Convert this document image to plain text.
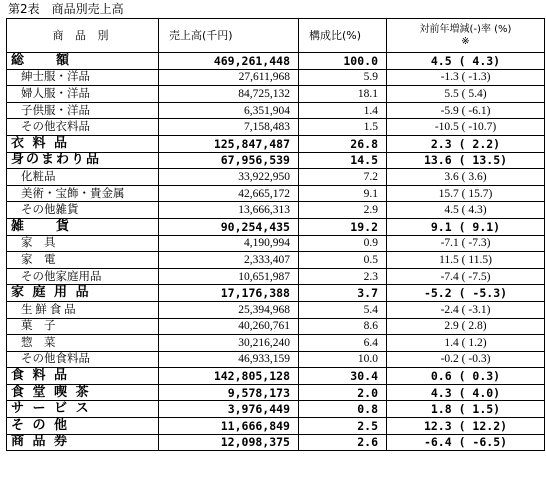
第2表　商品別売上高
商 品 別	売上高(千円)	構成比(%)	対前年増減(-)率 (%)
※

総　　額	469,261,448	100.0	4.5 ( 4.3)
紳士服・洋品	27,611,968	5.9	-1.3 ( -1.3)
婦人服・洋品	84,725,132	18.1	5.5 ( 5.4)
子供服・洋品	6,351,904	1.4	-5.9 ( -6.1)
その他衣料品	7,158,483	1.5	-10.5 ( -10.7)
衣 料 品	125,847,487	26.8	2.3 ( 2.2)
身のまわり品	67,956,539	14.5	13.6 ( 13.5)
化粧品	33,922,950	7.2	3.6 ( 3.6)
美術・宝飾・貴金属	42,665,172	9.1	15.7 ( 15.7)
その他雑貨	13,666,313	2.9	4.5 ( 4.3)
雑　　貨	90,254,435	19.2	9.1 ( 9.1)
家　具	4,190,994	0.9	-7.1 ( -7.3)
家　電	2,333,407	0.5	11.5 ( 11.5)
その他家庭用品	10,651,987	2.3	-7.4 ( -7.5)
家 庭 用 品	17,176,388	3.7	-5.2 ( -5.3)
生 鮮 食 品	25,394,968	5.4	-2.4 ( -3.1)
菓　子	40,260,761	8.6	2.9 ( 2.8)
惣　菜	30,216,240	6.4	1.4 ( 1.2)
その他食料品	46,933,159	10.0	-0.2 ( -0.3)
食 料 品	142,805,128	30.4	0.6 ( 0.3)
食 堂 喫 茶	9,578,173	2.0	4.3 ( 4.0)
サ ー ビ ス	3,976,449	0.8	1.8 ( 1.5)
そ の 他	11,666,849	2.5	12.3 ( 12.2)
商 品 券	12,098,375	2.6	-6.4 ( -6.5)
